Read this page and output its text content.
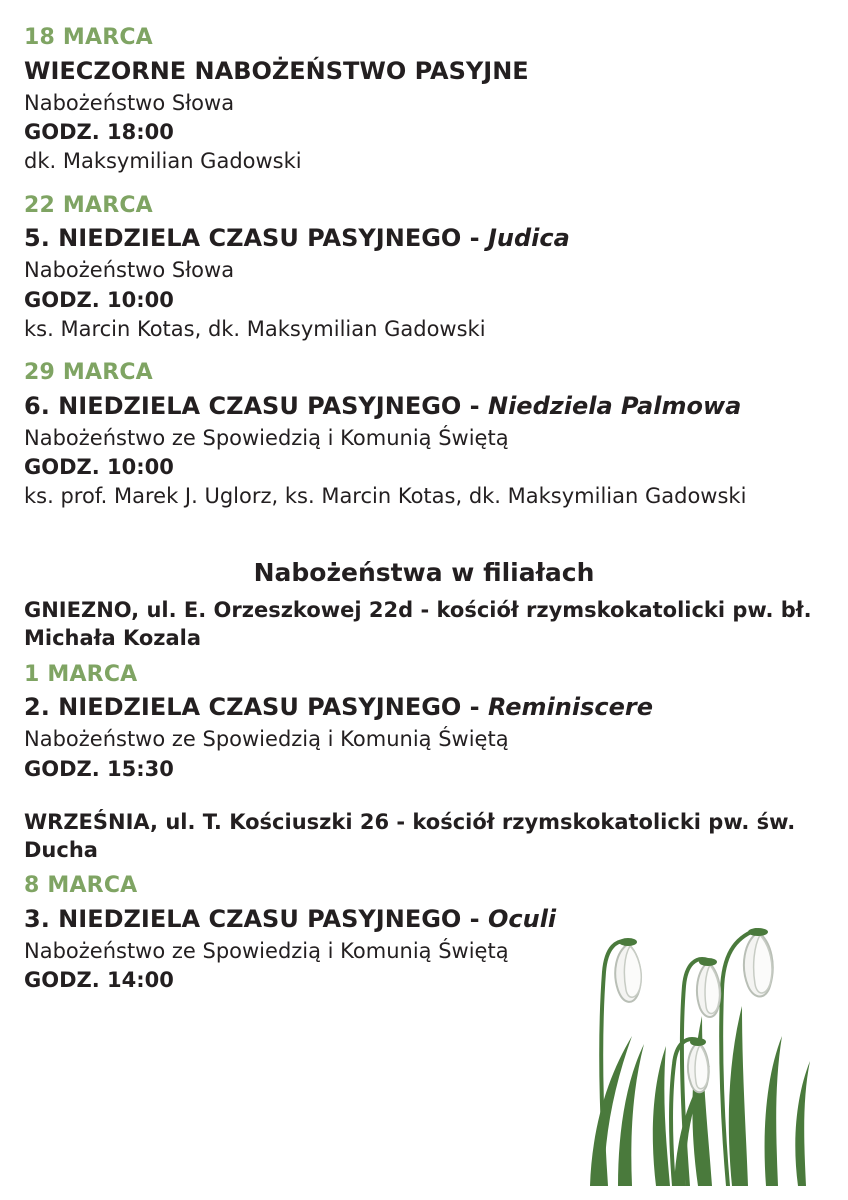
18 MARCA
WIECZORNE NABOŻEŃSTWO PASYJNE
Nabożeństwo Słowa
GODZ. 18:00
dk. Maksymilian Gadowski
22 MARCA
5. NIEDZIELA CZASU PASYJNEGO - Judica
Nabożeństwo Słowa
GODZ. 10:00
ks. Marcin Kotas, dk. Maksymilian Gadowski
29 MARCA
6. NIEDZIELA CZASU PASYJNEGO - Niedziela Palmowa
Nabożeństwo ze Spowiedzią i Komunią Świętą
GODZ. 10:00
ks. prof. Marek J. Uglorz, ks. Marcin Kotas, dk. Maksymilian Gadowski
Nabożeństwa w filiałach
GNIEZNO, ul. E. Orzeszkowej 22d - kościół rzymskokatolicki pw. bł. Michała Kozala
1 MARCA
2. NIEDZIELA CZASU PASYJNEGO - Reminiscere
Nabożeństwo ze Spowiedzią i Komunią Świętą
GODZ. 15:30
WRZEŚNIA, ul. T. Kościuszki 26 - kościół rzymskokatolicki pw. św. Ducha
8 MARCA
3. NIEDZIELA CZASU PASYJNEGO - Oculi
Nabożeństwo ze Spowiedzią i Komunią Świętą
GODZ. 14:00
